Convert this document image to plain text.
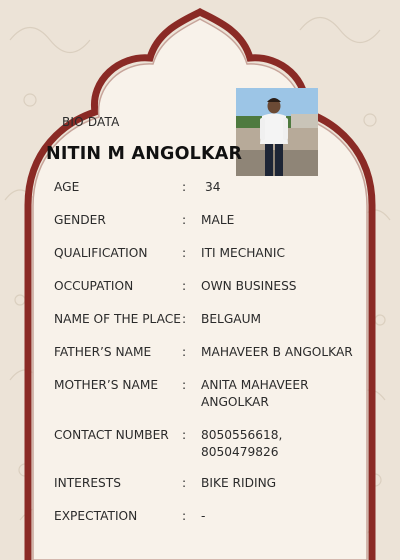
BIO DATA
NITIN M ANGOLKAR
AGE	: 34
GENDER	: MALE
QUALIFICATION	: ITI MECHANIC
OCCUPATION	: OWN BUSINESS
NAME OF THE PLACE : BELGAUM
FATHER’S NAME	: MAHAVEER B ANGOLKAR
MOTHER’S NAME : ANITA MAHAVEER ANGOLKAR
CONTACT NUMBER : 8050556618, 8050479826
INTERESTS	: BIKE RIDING
EXPECTATION	: -
